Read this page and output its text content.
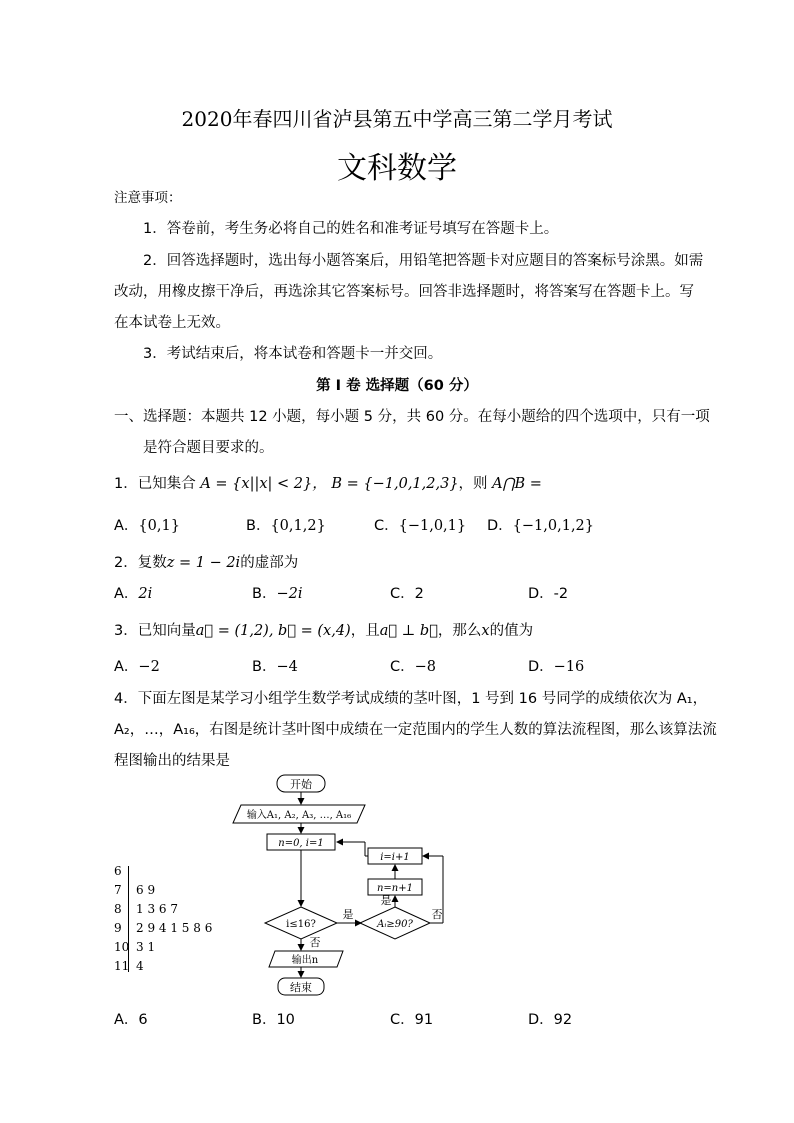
2020年春四川省泸县第五中学高三第二学月考试
文科数学
注意事项：
1．答卷前，考生务必将自己的姓名和准考证号填写在答题卡上。
2．回答选择题时，选出每小题答案后，用铅笔把答题卡对应题目的答案标号涂黑。如需
改动，用橡皮擦干净后，再选涂其它答案标号。回答非选择题时，将答案写在答题卡上。写
在本试卷上无效。
3．考试结束后，将本试卷和答题卡一并交回。
第 I 卷 选择题（60 分）
一、选择题：本题共 12 小题，每小题 5 分，共 60 分。在每小题给的四个选项中，只有一项
是符合题目要求的。
1．已知集合 A = {x||x| < 2}， B = {−1,0,1,2,3}，则 A⋂B =
A．{0,1}	B．{0,1,2}	C．{−1,0,1} D．{−1,0,1,2}
2．复数z = 1 − 2i的虚部为
A．2i	B．−2i	C．2	D．-2
3．已知向量a⃗ = (1,2), b⃗ = (x,4)，且a⃗ ⊥ b⃗，那么x的值为
A．−2	B．−4	C．−8	D．−16
4．下面左图是某学习小组学生数学考试成绩的茎叶图，1 号到 16 号同学的成绩依次为 A₁，
A₂，…，A₁₆，右图是统计茎叶图中成绩在一定范围内的学生人数的算法流程图，那么该算法流
程图输出的结果是
6
7 6 9
8 1 3 6 7
9 2 9 4 1 5 8 6
10 3 1
11 4
开始
输入A₁, A₂, A₃, …, A₁₆
n=0, i=1
i=i+1
n=n+1
i≤16?	Aᵢ≥90?
是
是
否
否
输出n
结束
A．6	B．10	C．91	D．92
